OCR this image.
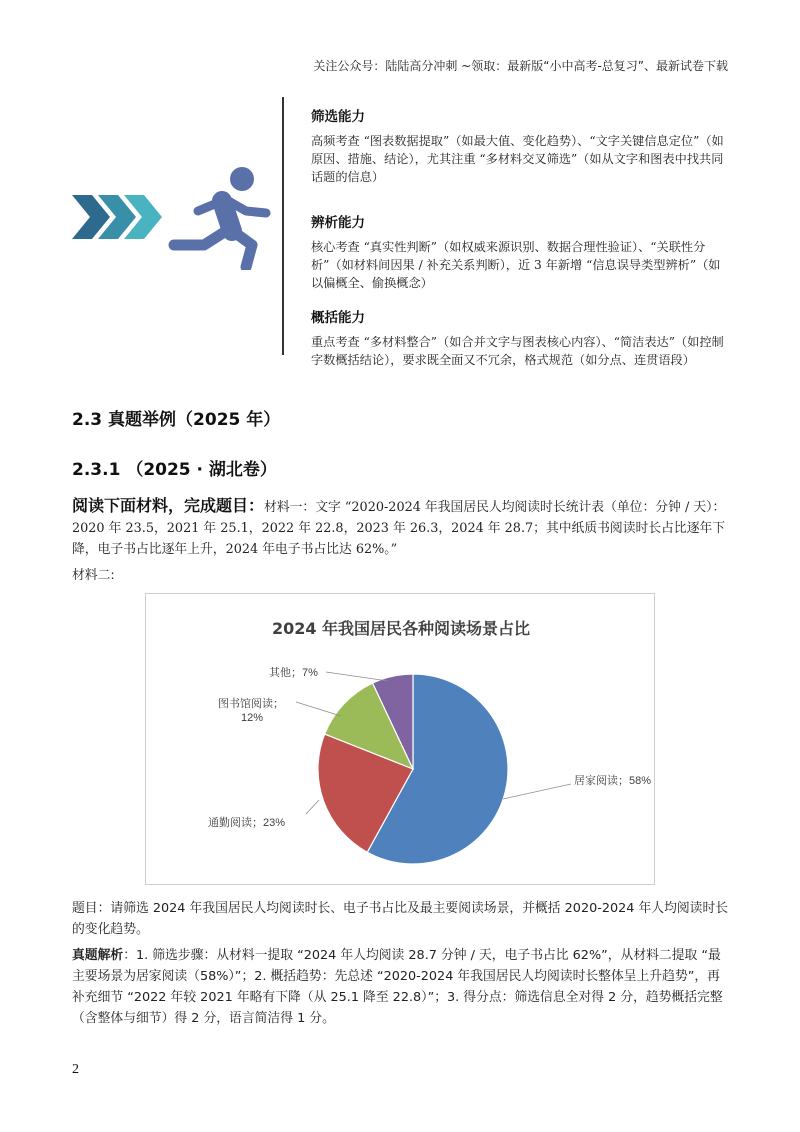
关注公众号：陆陆高分冲刺 ~领取：最新版“小中高考-总复习”、最新试卷下载
筛选能力

高频考查 “图表数据提取”（如最大值、变化趋势）、“文字关键信息定位”（如原因、措施、结论），尤其注重 “多材料交叉筛选”（如从文字和图表中找共同话题的信息）

辨析能力

核心考查 “真实性判断”（如权威来源识别、数据合理性验证）、“关联性分析”（如材料间因果 / 补充关系判断），近 3 年新增 “信息误导类型辨析”（如以偏概全、偷换概念）

概括能力

重点考查 “多材料整合”（如合并文字与图表核心内容）、“简洁表达”（如控制字数概括结论），要求既全面又不冗余，格式规范（如分点、连贯语段）

2.3 真题举例（2025 年）
2.3.1 （2025 · 湖北卷）
阅读下面材料，完成题目：材料一：文字 “2020-2024 年我国居民人均阅读时长统计表（单位：分钟 / 天）：2020 年 23.5，2021 年 25.1，2022 年 22.8，2023 年 26.3，2024 年 28.7；其中纸质书阅读时长占比逐年下降，电子书占比逐年上升，2024 年电子书占比达 62%。”
材料二:
2024 年我国居民各种阅读场景占比
居家阅读；58%
通勤阅读；23%
图书馆阅读；
12%
其他；7%
题目：请筛选 2024 年我国居民人均阅读时长、电子书占比及最主要阅读场景，并概括 2020-2024 年人均阅读时长的变化趋势。
真题解析：1. 筛选步骤：从材料一提取 “2024 年人均阅读 28.7 分钟 / 天，电子书占比 62%”，从材料二提取 “最主要场景为居家阅读（58%）”；2. 概括趋势：先总述 “2020-2024 年我国居民人均阅读时长整体呈上升趋势”，再补充细节 “2022 年较 2021 年略有下降（从 25.1 降至 22.8）”；3. 得分点：筛选信息全对得 2 分，趋势概括完整（含整体与细节）得 2 分，语言简洁得 1 分。
2
